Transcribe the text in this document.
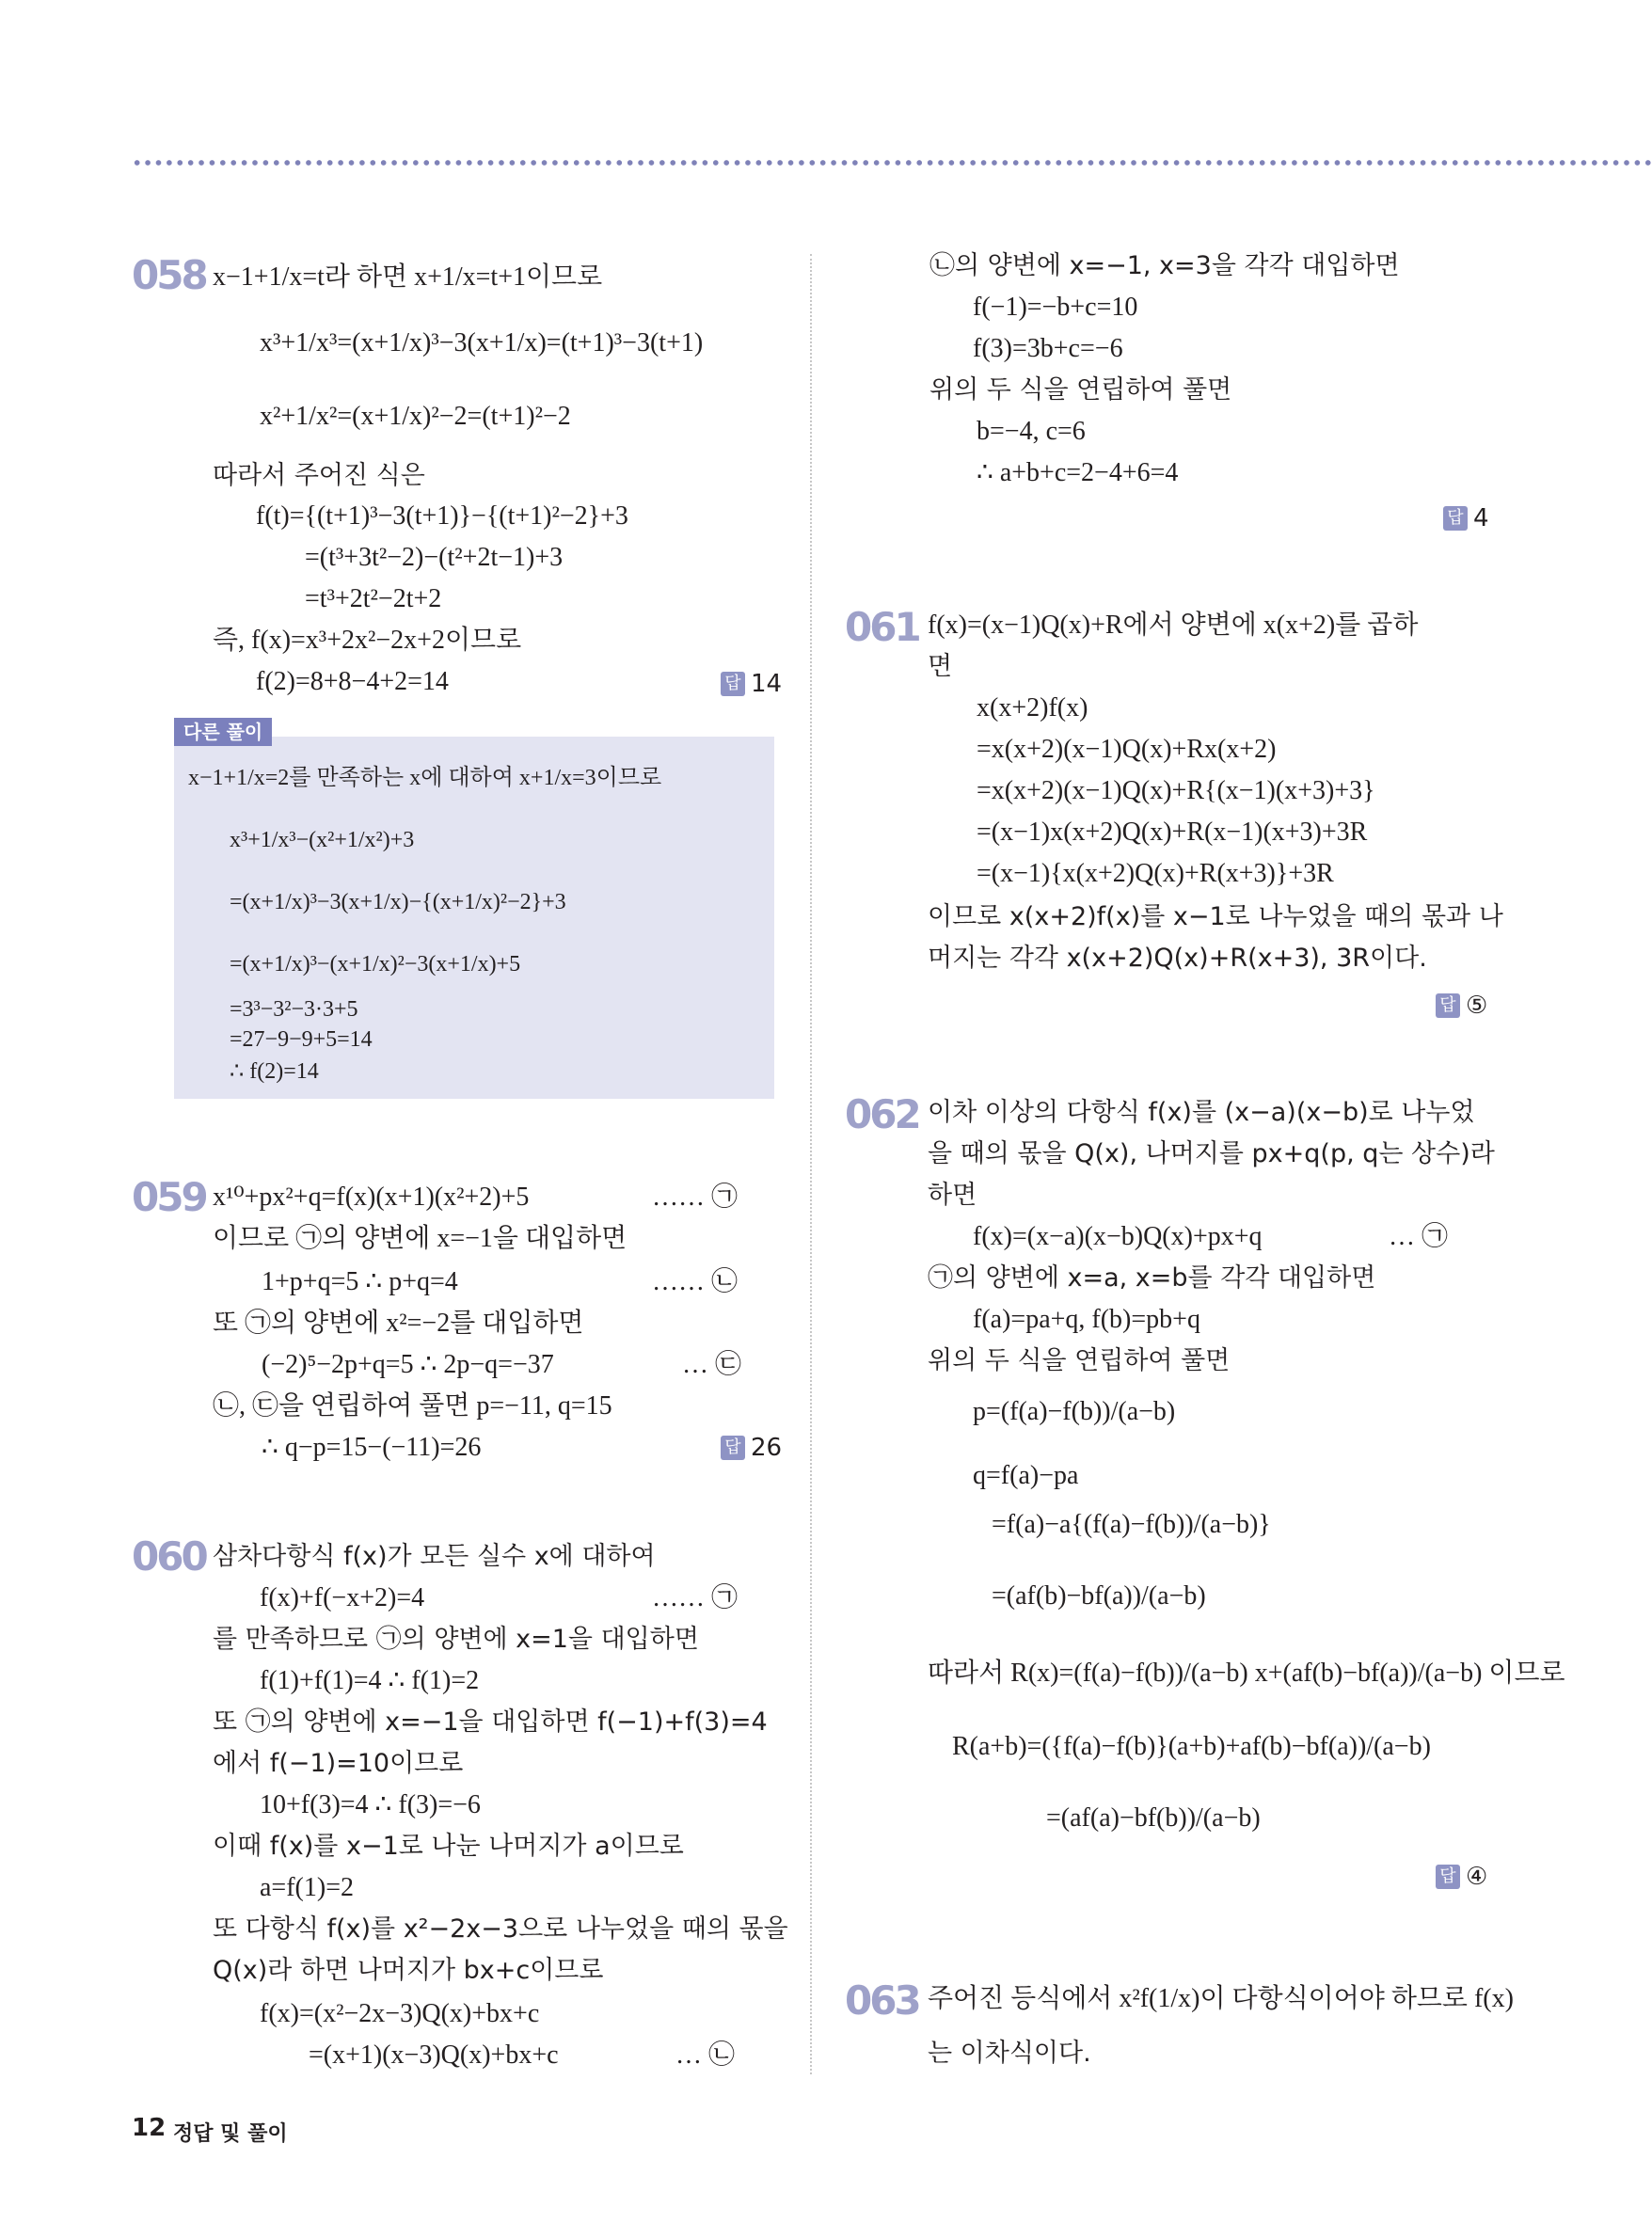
058 x−1+1/x=t라 하면 x+1/x=t+1이므로
x³+1/x³=(x+1/x)³−3(x+1/x)=(t+1)³−3(t+1)
x²+1/x²=(x+1/x)²−2=(t+1)²−2
따라서 주어진 식은
f(t)={(t+1)³−3(t+1)}−{(t+1)²−2}+3
=(t³+3t²−2)−(t²+2t−1)+3
=t³+2t²−2t+2
즉, f(x)=x³+2x²−2x+2이므로
f(2)=8+8−4+2=14	답 14
다른 풀이
x−1+1/x=2를 만족하는 x에 대하여 x+1/x=3이므로
x³+1/x³−(x²+1/x²)+3
=(x+1/x)³−3(x+1/x)−{(x+1/x)²−2}+3
=(x+1/x)³−(x+1/x)²−3(x+1/x)+5
=3³−3²−3·3+5
=27−9−9+5=14
∴ f(2)=14
059 x¹⁰+px²+q=f(x)(x+1)(x²+2)+5	…… ㉠
이므로 ㉠의 양변에 x=−1을 대입하면
1+p+q=5 ∴ p+q=4	…… ㉡
또 ㉠의 양변에 x²=−2를 대입하면
(−2)⁵−2p+q=5 ∴ 2p−q=−37	… ㉢
㉡, ㉢을 연립하여 풀면 p=−11, q=15
∴ q−p=15−(−11)=26	답 26
060 삼차다항식 f(x)가 모든 실수 x에 대하여
f(x)+f(−x+2)=4	…… ㉠
를 만족하므로 ㉠의 양변에 x=1을 대입하면
f(1)+f(1)=4 ∴ f(1)=2
또 ㉠의 양변에 x=−1을 대입하면 f(−1)+f(3)=4
에서 f(−1)=10이므로
10+f(3)=4 ∴ f(3)=−6
이때 f(x)를 x−1로 나눈 나머지가 a이므로
a=f(1)=2
또 다항식 f(x)를 x²−2x−3으로 나누었을 때의 몫을
Q(x)라 하면 나머지가 bx+c이므로
f(x)=(x²−2x−3)Q(x)+bx+c
=(x+1)(x−3)Q(x)+bx+c	… ㉡
㉡의 양변에 x=−1, x=3을 각각 대입하면
f(−1)=−b+c=10
f(3)=3b+c=−6
위의 두 식을 연립하여 풀면
b=−4, c=6
∴ a+b+c=2−4+6=4
답 4
061 f(x)=(x−1)Q(x)+R에서 양변에 x(x+2)를 곱하
면
x(x+2)f(x)
=x(x+2)(x−1)Q(x)+Rx(x+2)
=x(x+2)(x−1)Q(x)+R{(x−1)(x+3)+3}
=(x−1)x(x+2)Q(x)+R(x−1)(x+3)+3R
=(x−1){x(x+2)Q(x)+R(x+3)}+3R
이므로 x(x+2)f(x)를 x−1로 나누었을 때의 몫과 나
머지는 각각 x(x+2)Q(x)+R(x+3), 3R이다.
답 ⑤
062 이차 이상의 다항식 f(x)를 (x−a)(x−b)로 나누었
을 때의 몫을 Q(x), 나머지를 px+q(p, q는 상수)라
하면
f(x)=(x−a)(x−b)Q(x)+px+q	… ㉠
㉠의 양변에 x=a, x=b를 각각 대입하면
f(a)=pa+q, f(b)=pb+q
위의 두 식을 연립하여 풀면
p=(f(a)−f(b))/(a−b)
q=f(a)−pa
=f(a)−a{(f(a)−f(b))/(a−b)}
=(af(b)−bf(a))/(a−b)
따라서 R(x)=(f(a)−f(b))/(a−b) x+(af(b)−bf(a))/(a−b) 이므로
R(a+b)=({f(a)−f(b)}(a+b)+af(b)−bf(a))/(a−b)
=(af(a)−bf(b))/(a−b)
답 ④
063 주어진 등식에서 x²f(1/x)이 다항식이어야 하므로 f(x)
는 이차식이다.
12 정답 및 풀이
